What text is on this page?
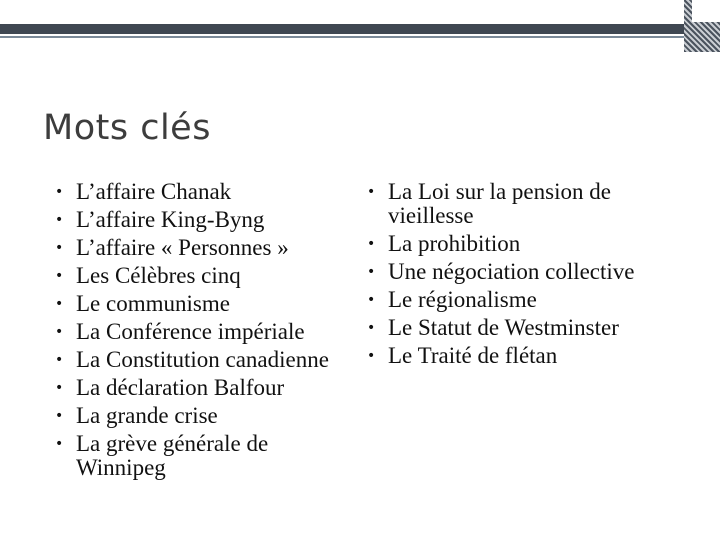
Mots clés
• L’affaire Chanak
• L’affaire King-Byng
• L’affaire « Personnes »
• Les Célèbres cinq
• Le communisme
• La Conférence impériale
• La Constitution canadienne
• La déclaration Balfour
• La grande crise
• La grève générale de Winnipeg
• La Loi sur la pension de vieillesse
• La prohibition
• Une négociation collective
• Le régionalisme
• Le Statut de Westminster
• Le Traité de flétan
